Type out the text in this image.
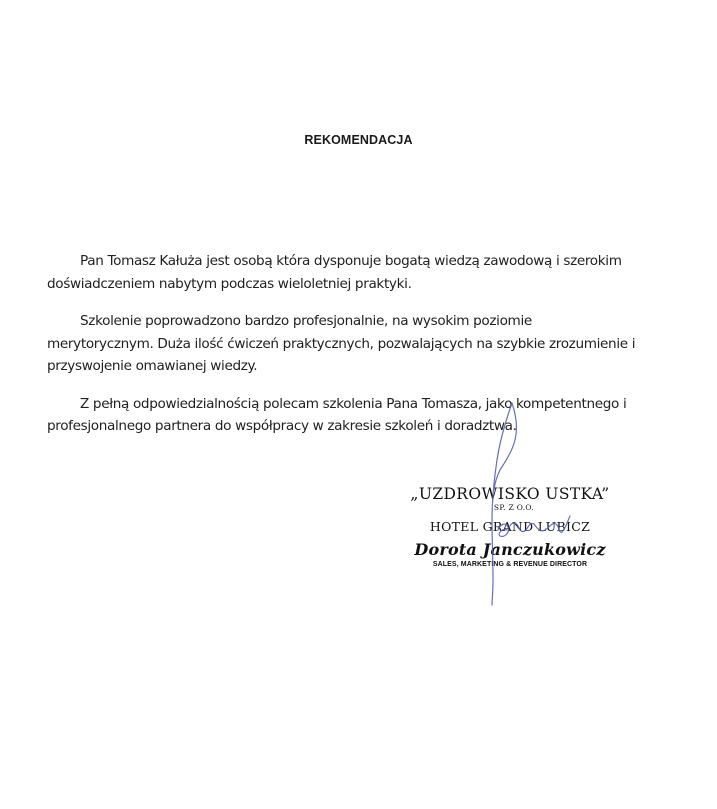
REKOMENDACJA

Pan Tomasz Kałuża jest osobą która dysponuje bogatą wiedzą zawodową i szerokim
doświadczeniem nabytym podczas wieloletniej praktyki.

Szkolenie poprowadzono bardzo profesjonalnie, na wysokim poziomie
merytorycznym. Duża ilość ćwiczeń praktycznych, pozwalających na szybkie zrozumienie i
przyswojenie omawianej wiedzy.

Z pełną odpowiedzialnością polecam szkolenia Pana Tomasza, jako kompetentnego i
profesjonalnego partnera do współpracy w zakresie szkoleń i doradztwa.

„UZDROWISKO USTKA”
SP. Z O.O.
HOTEL GRAND LUBICZ
Dorota Janczukowicz
SALES, MARKETING & REVENUE DIRECTOR
